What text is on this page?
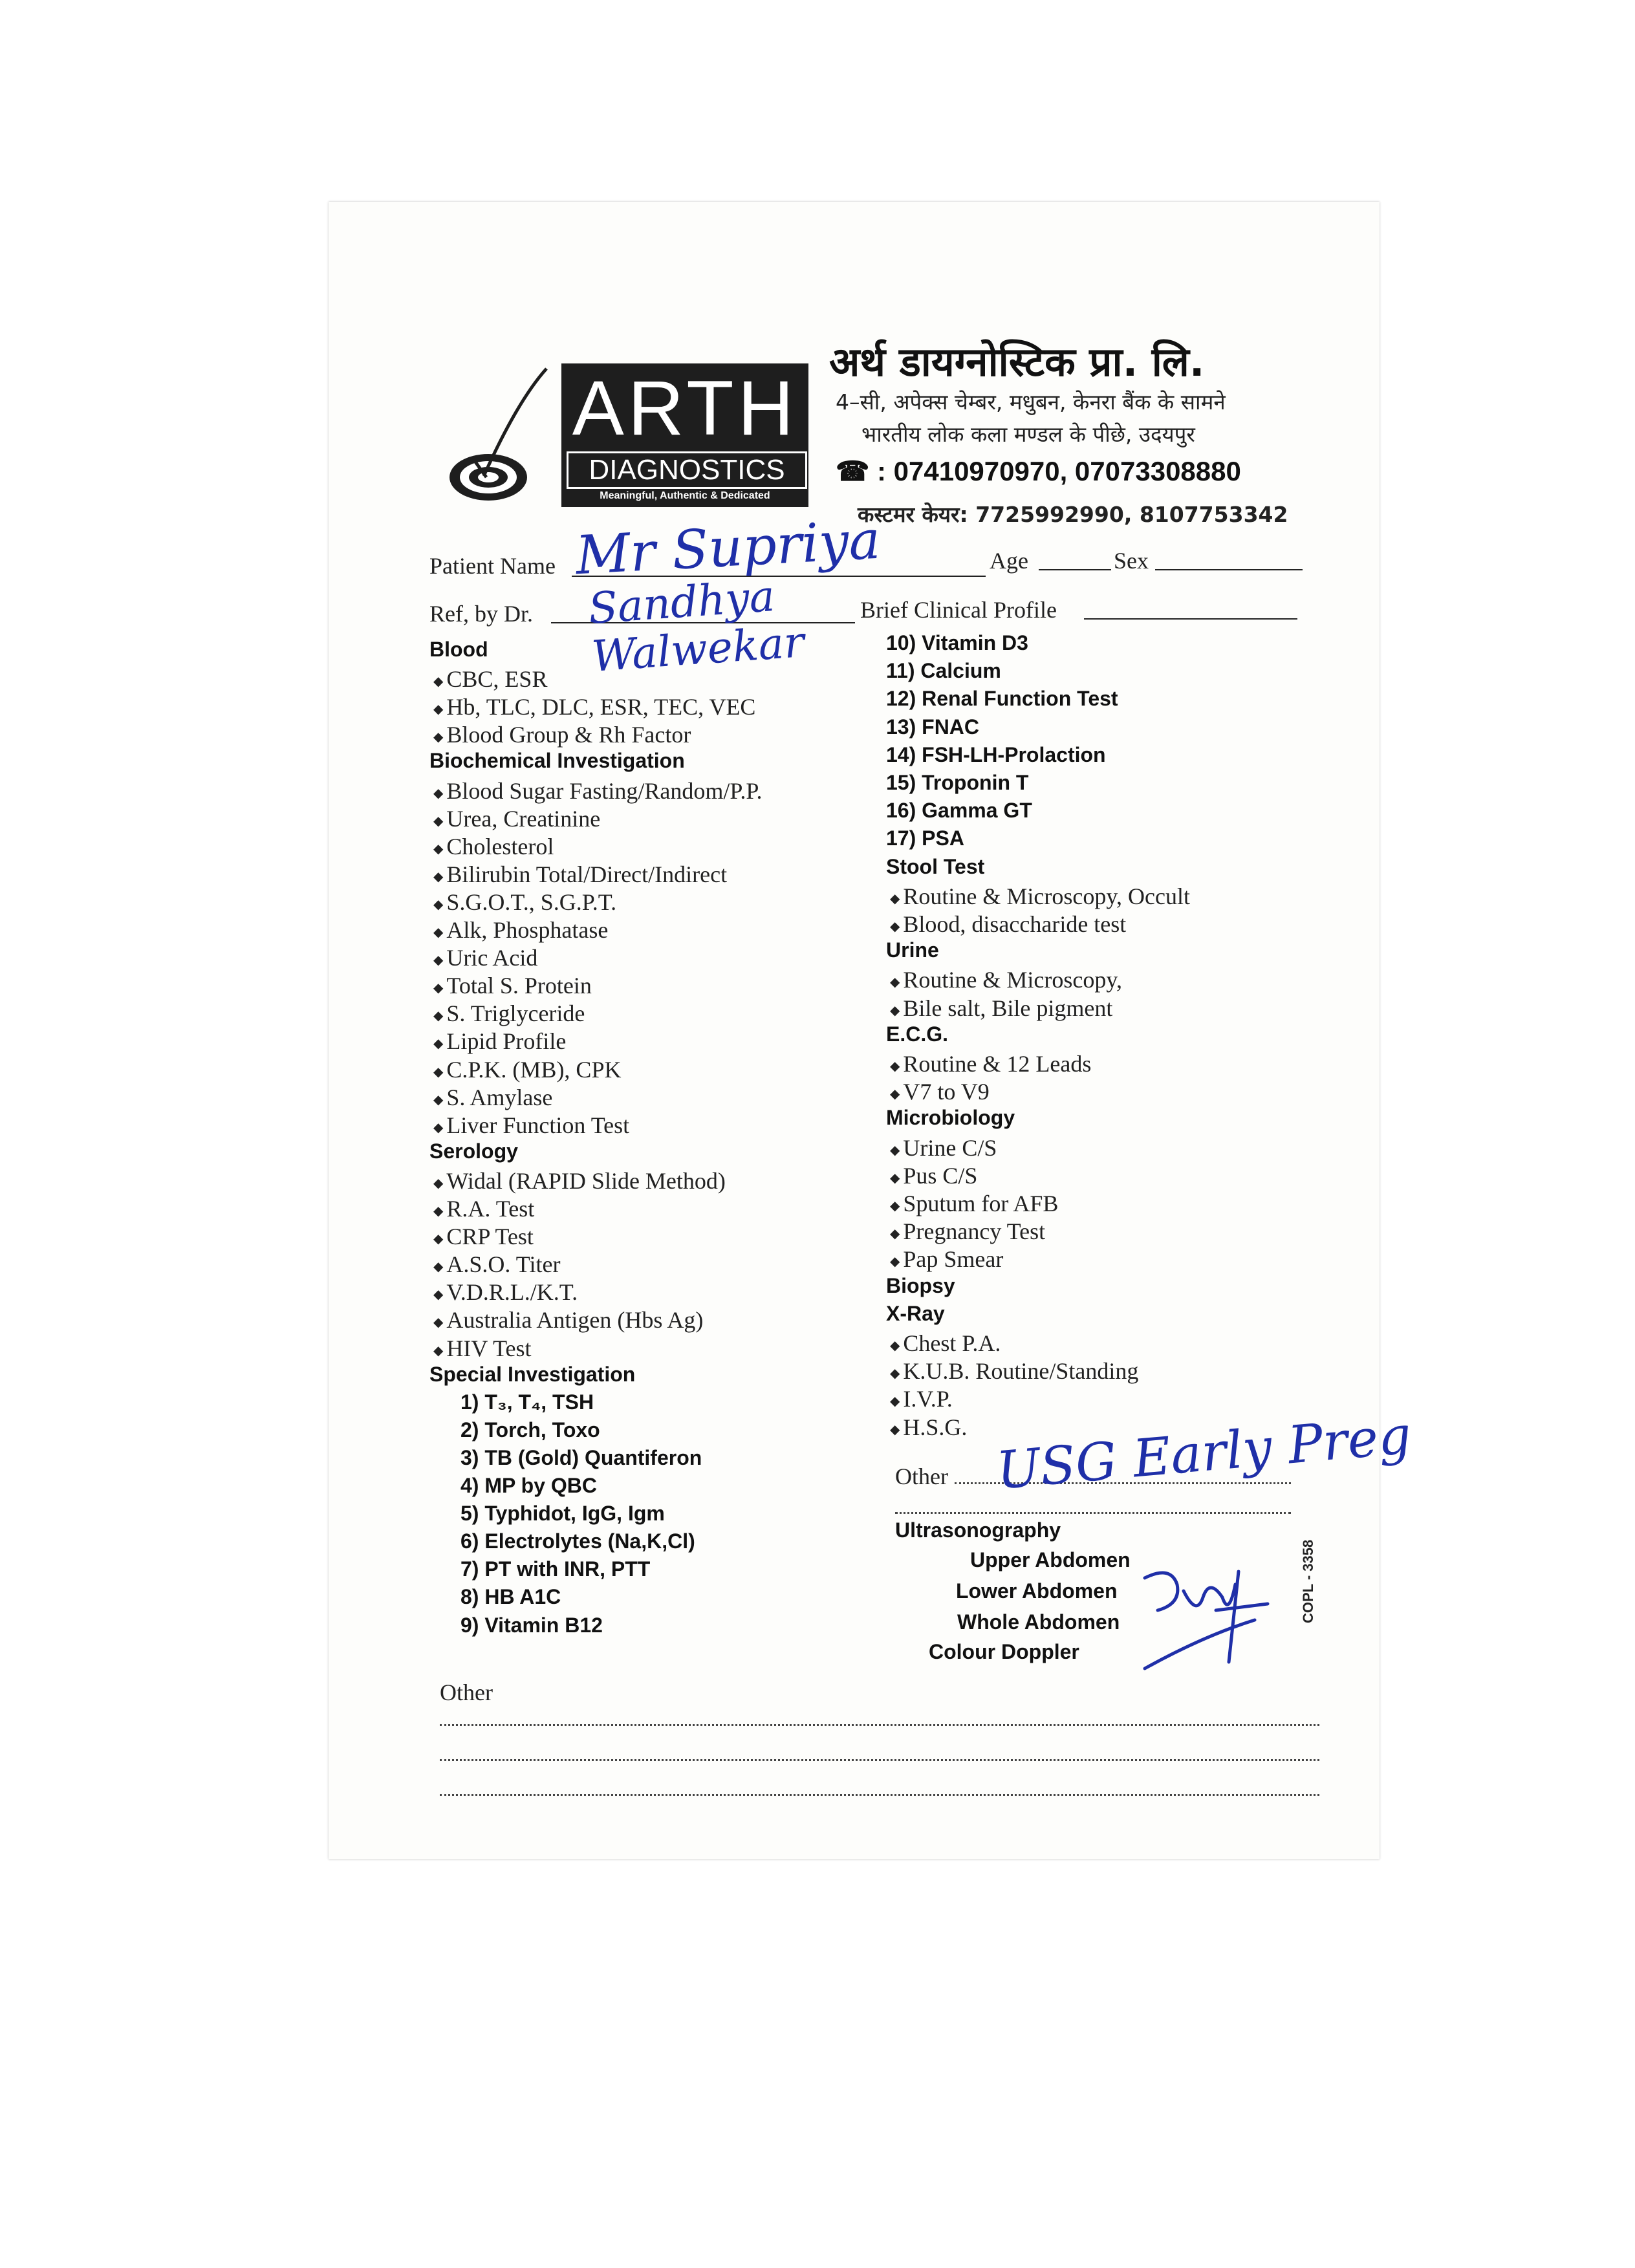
ARTH
DIAGNOSTICS
Meaningful, Authentic & Dedicated
अर्थ डायग्नोस्टिक प्रा. लि.
4–सी, अपेक्स चेम्बर, मधुबन, केनरा बैंक के सामने
भारतीय लोक कला मण्डल के पीछे, उदयपुर
☎ : 07410970970, 07073308880
कस्टमर केयर: 7725992990, 8107753342
Patient Name	Age	Sex
Ref, by Dr.	Brief Clinical Profile
Mr Supriya
Sandhya Walwekar
Blood
◆ CBC, ESR
◆ Hb, TLC, DLC, ESR, TEC, VEC
◆ Blood Group & Rh Factor
Biochemical Investigation
◆ Blood Sugar Fasting/Random/P.P.
◆ Urea, Creatinine
◆ Cholesterol
◆ Bilirubin Total/Direct/Indirect
◆ S.G.O.T., S.G.P.T.
◆ Alk, Phosphatase
◆ Uric Acid
◆ Total S. Protein
◆ S. Triglyceride
◆ Lipid Profile
◆ C.P.K. (MB), CPK
◆ S. Amylase
◆ Liver Function Test
Serology
◆ Widal (RAPID Slide Method)
◆ R.A. Test
◆ CRP Test
◆ A.S.O. Titer
◆ V.D.R.L./K.T.
◆ Australia Antigen (Hbs Ag)
◆ HIV Test
Special Investigation
1) T₃, T₄, TSH
2) Torch, Toxo
3) TB (Gold) Quantiferon
4) MP by QBC
5) Typhidot, IgG, Igm
6) Electrolytes (Na,K,Cl)
7) PT with INR, PTT
8) HB A1C
9) Vitamin B12
10) Vitamin D3
11) Calcium
12) Renal Function Test
13) FNAC
14) FSH-LH-Prolaction
15) Troponin T
16) Gamma GT
17) PSA
Stool Test
◆ Routine & Microscopy, Occult
◆ Blood, disaccharide test
Urine
◆ Routine & Microscopy,
◆ Bile salt, Bile pigment
E.C.G.
◆ Routine & 12 Leads
◆ V7 to V9
Microbiology
◆ Urine C/S
◆ Pus C/S
◆ Sputum for AFB
◆ Pregnancy Test
◆ Pap Smear
Biopsy
X-Ray
◆ Chest P.A.
◆ K.U.B. Routine/Standing
◆ I.V.P.
◆ H.S.G.
Other USG Early Preg
Ultrasonography
Upper Abdomen
Lower Abdomen
Whole Abdomen
Colour Doppler
COPL - 3358
Other
